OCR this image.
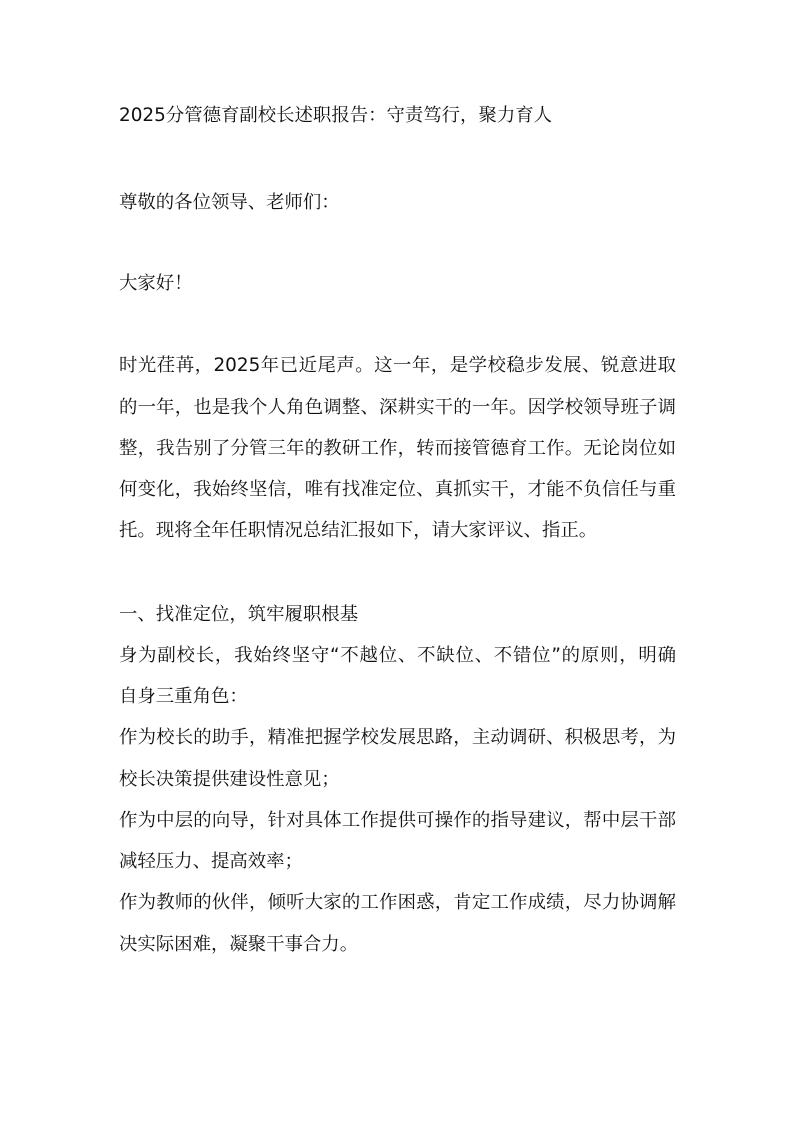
2025分管德育副校长述职报告：守责笃行，聚力育人
尊敬的各位领导、老师们：
大家好！
时光荏苒，2025年已近尾声。这一年，是学校稳步发展、锐意进取
的一年，也是我个人角色调整、深耕实干的一年。因学校领导班子调
整，我告别了分管三年的教研工作，转而接管德育工作。无论岗位如
何变化，我始终坚信，唯有找准定位、真抓实干，才能不负信任与重
托。现将全年任职情况总结汇报如下，请大家评议、指正。
一、找准定位，筑牢履职根基
身为副校长，我始终坚守“不越位、不缺位、不错位”的原则，明确
自身三重角色：
作为校长的助手，精准把握学校发展思路，主动调研、积极思考，为
校长决策提供建设性意见；
作为中层的向导，针对具体工作提供可操作的指导建议，帮中层干部
减轻压力、提高效率；
作为教师的伙伴，倾听大家的工作困惑，肯定工作成绩，尽力协调解
决实际困难，凝聚干事合力。
